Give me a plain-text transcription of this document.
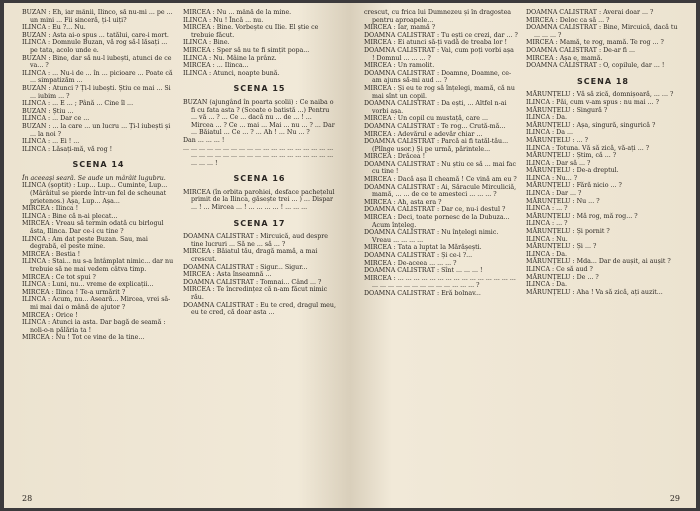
BUZAN : Eh, iar mânii, Ilinco, să nu-mi ... pe ... un mini ... Fii sinceră, ți-l uiți?

ILINCA : Eu ?... Nu.

BUZAN : Asta ai-o spus ... tatălui, care-i mort.

ILINCA : Domnule Buzan, vă rog să-l lăsați ... pe tata, acolo unde e.

BUZAN : Bine, dar să nu-l iubești, atunci de ce va... ?

ILINCA : ... Nu-i de ... în ... picioare ... Poate că ... simpatizăm ...

BUZAN : Atunci ? Ți-l iubești. Știu ce mai ... Si ... iubim ... ?

ILINCA : ... E ... ; Până ... Cine îl ...

BUZAN : Știu ...

ILINCA : ... Dar ce ...

BUZAN : ... la care ... un lucru ... Ți-l iubești și ... la noi ?

ILINCA : ... Ei ! ...

ILINCA : Lăsați-mă, vă rog !

SCENA 14

În aceeași seară. Se aude un mârâit lugubru.

ILINCA (șoptit) : Lup... Lup... Cuminte, Lup... (Mârâitul se pierde într-un fel de scheunat prietenos.) Așa, Lup... Așa...

MIRCEA : Ilinca !

ILINCA : Bine că n-ai plecat...

MIRCEA : Vreau să termin odată cu birlogul ăsta, Ilinca. Dar ce-i cu tine ?

ILINCA : Am dat peste Buzan. Sau, mai degrabă, el peste mine.

MIRCEA : Bestia !

ILINCA : Stai... nu s-a întâmplat nimic... dar nu trebuie să ne mai vedem câtva timp.

MIRCEA : Ce tot spui ?

ILINCA : Luni, nu... vreme de explicații...

MIRCEA : Ilinca ! Te-a urmărit ?

ILINCA : Acum, nu... Aseară... Mircea, vrei să-mi mai dai o mână de ajutor ?

MIRCEA : Orice !

ILINCA : Atunci ia asta. Dar bagă de seamă : noli-o-n pălăria ta !

MIRCEA : Nu ! Tot ce vine de la tine...

MIRCEA : Nu ... mână de la mine.

ILINCA : Nu ! Încă ... nu.

MIRCEA : Bine. Vorbește cu Ilie. El știe ce trebuie făcut.

ILINCA : Bine.

MIRCEA : Sper să nu te fi simțit popa...

ILINCA : Nu. Mâine la prânz.

MIRCEA : ... Ilinca...

ILINCA : Atunci, noapte bună.

SCENA 15

BUZAN (ajungând în poarta școlii) : Ce naiba o fi cu fata asta ? (Scoate o batistă ...) Pentru ... vă ... ? ... Ce ... dacă nu ... de ... ! ... Mircea ... ? Ce ... mai ... Mai ... nu ... ? ... Dar ... Băiatul ... Ce ... ? ... Ah ! ... Nu ... ?

Dan ... ... ... !

... ... ... ... ... ... ... ... ... ... ... ... ... ... ... ... ... ... ... ... ... ... ... ... ... ... ... ... ... ... ... ... ... ... ... ... ... ... ... ... !

SCENA 16

MIRCEA (în orbita parohiei, desface pachețelul primit de la Ilinca, găsește trei ... ) ... Dispar ... ! ... Mircea ... ! ... ... ... ... ! ... ... ...

SCENA 17

DOAMNA CALISTRAT : Mircuică, aud despre tine lucruri ... Să ne ... să ... ?

MIRCEA : Băiatul tău, dragă mamă, a mai crescut.

DOAMNA CALISTRAT : Sigur... Sigur...

MIRCEA : Asta înseamnă ...

DOAMNA CALISTRAT : Tomnai... Când ... ?

MIRCEA : Te încredințez că n-am făcut nimic rău.

DOAMNA CALISTRAT : Eu te cred, dragul meu, eu te cred, că doar asta ...

28

crescut, cu frica lui Dumnezeu și în dragostea pentru aproapele...

MIRCEA : Iar, mamă ?

DOAMNA CALISTRAT : Tu ești ce crezi, dar ... ?

MIRCEA : Ei atunci să-ți vadă de treaba lor !

DOAMNA CALISTRAT : Vai, cum poți vorbi așa ! Domnul ... ... ... ?

MIRCEA : Un ramolit.

DOAMNA CALISTRAT : Doamne, Doamne, ce-am ajuns să-mi aud ... ?

MIRCEA : Și eu te rog să înțelegi, mamă, că nu mai sînt un copil.

DOAMNA CALISTRAT : Da ești, ... Altfel n-ai vorbi așa.

MIRCEA : Un copil cu mustață, care ...

DOAMNA CALISTRAT : Te rog... Crută-mă...

MIRCEA : Adevărul e adevăr chiar ...

DOAMNA CALISTRAT : Parcă ai fi tatăl-tău... (Plînge usor.) Și pe urmă, părintele...

MIRCEA : Drăcea !

DOAMNA CALISTRAT : Nu știu ce să ... mai fac cu tine !

MIRCEA : Dacă așa îl cheamă ! Ce vină am eu ?

DOAMNA CALISTRAT : Ai, Săracule Mirculiciă, mamă, ... ... de ce te amesteci ... ... ... ?

MIRCEA : Ah, asta era ?

DOAMNA CALISTRAT : Dar ce, nu-i destul ?

MIRCEA : Deci, toate pornesc de la Dubuza... Acum înțeleg.

DOAMNA CALISTRAT : Nu înțelegi nimic. Vreau ... ... ... ...

MIRCEA : Tata a luptat la Mărășești.

DOAMNA CALISTRAT : Și ce-i ?...

MIRCEA : De-aceea ... ... ... ?

DOAMNA CALISTRAT : Sînt ... ... ... !

MIRCEA : ... ... ... ... ... ... ... ... ... ... ... ... ... ... ... ... ... ... ... ... ... ... ... ... ... ... ... ... ?

DOAMNA CALISTRAT : Eră bolnav...

DOAMNA CALISTRAT : Averai doar ... ?

MIRCEA : Deloc ca să ... ?

DOAMNA CALISTRAT : Bine, Mircuică, dacă tu ... ... ... ?

MIRCEA : Mamă, te rog, mamă. Te rog ... ?

DOAMNA CALISTRAT : De-ar fi ...

MIRCEA : Așa e, mamă.

DOAMNA CALISTRAT : O, copilule, dar ... !

SCENA 18

MĂRUNȚELU : Vă să zică, domnișoară, ... ... ?

ILINCA : Păi, cum v-am spus : nu mai ... ?

MĂRUNȚELU : Singură ?

ILINCA : Da.

MĂRUNȚELU : Așa, singură, singurică ?

ILINCA : Da ...

MĂRUNȚELU : ... ?

ILINCA : Totuna. Vă să zică, vă-ați ... ?

MĂRUNȚELU : Știm, că ... ?

ILINCA : Dar să ... ?

MĂRUNȚELU : De-a dreptul.

ILINCA : Nu... ?

MĂRUNȚELU : Fără nicio ... ?

ILINCA : Dar ... ?

MĂRUNȚELU : Nu ... ?

ILINCA : ... ?

MĂRUNȚELU : Mă rog, mă rog... ?

ILINCA : ... ?

MĂRUNȚELU : Și pornit ?

ILINCA : Nu.

MĂRUNȚELU : Și ... ?

ILINCA : Da.

MĂRUNȚELU : Mda... Dar de aușit, ai aușit ?

ILINCA : Ce să aud ?

MĂRUNȚELU : De ... ?

ILINCA : Da.

MĂRUNȚELU : Aha ! Va să zică, ați auzit...

29
